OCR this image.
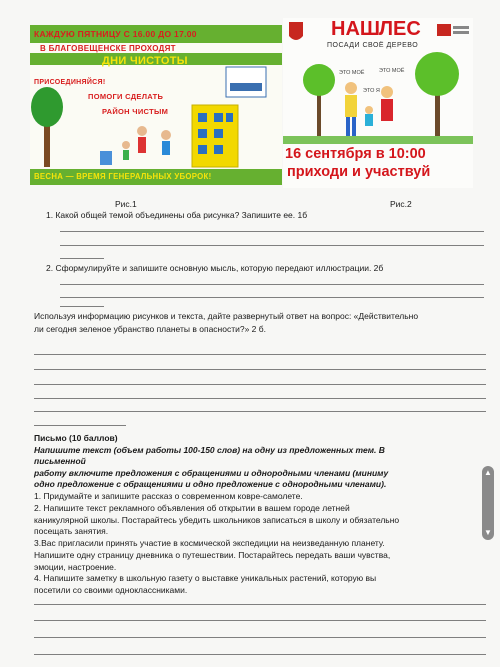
КАЖДУЮ ПЯТНИЦУ С 16.00 ДО 17.00
В БЛАГОВЕЩЕНСКЕ ПРОХОДЯТ
ДНИ ЧИСТОТЫ
ПРИСОЕДИНЯЙСЯ!
ПОМОГИ СДЕЛАТЬ
РАЙОН ЧИСТЫМ
ВЕСНА — ВРЕМЯ ГЕНЕРАЛЬНЫХ УБОРОК!
НАШ ЛЕС
ПОСАДИ СВОЁ ДЕРЕВО
ЭТО МОЁ	ЭТО МОЁ
ЭТО Я
16 сентября в 10:00
приходи и участвуй
Рис.1	Рис.2
1. Какой общей темой объединены оба рисунка? Запишите ее. 1б
2. Сформулируйте и запишите основную мысль, которую передают иллюстрации. 2б
Используя информацию рисунков и текста, дайте развернутый ответ на вопрос: «Действительно
ли сегодня зеленое убранство планеты в опасности?» 2 б.
Письмо (10 баллов)
Напишите текст (объем работы 100-150 слов) на одну из предложенных тем. В
письменной
работу включите предложения с обращениями и однородными членами (миниму
одно предложение с обращениями и одно предложение с однородными членами).
1. Придумайте и запишите рассказ о современном ковре-самолете.
2. Напишите текст рекламного объявления об открытии в вашем городе летней
каникулярной школы. Постарайтесь убедить школьников записаться в школу и обязательно
посещать занятия.
3.Вас пригласили принять участие в космической экспедиции на неизведанную планету.
Напишите одну страницу дневника о путешествии. Постарайтесь передать ваши чувства,
эмоции, настроение.
4. Напишите заметку в школьную газету о выставке уникальных растений, которую вы
посетили со своими одноклассниками.
▲
▼
